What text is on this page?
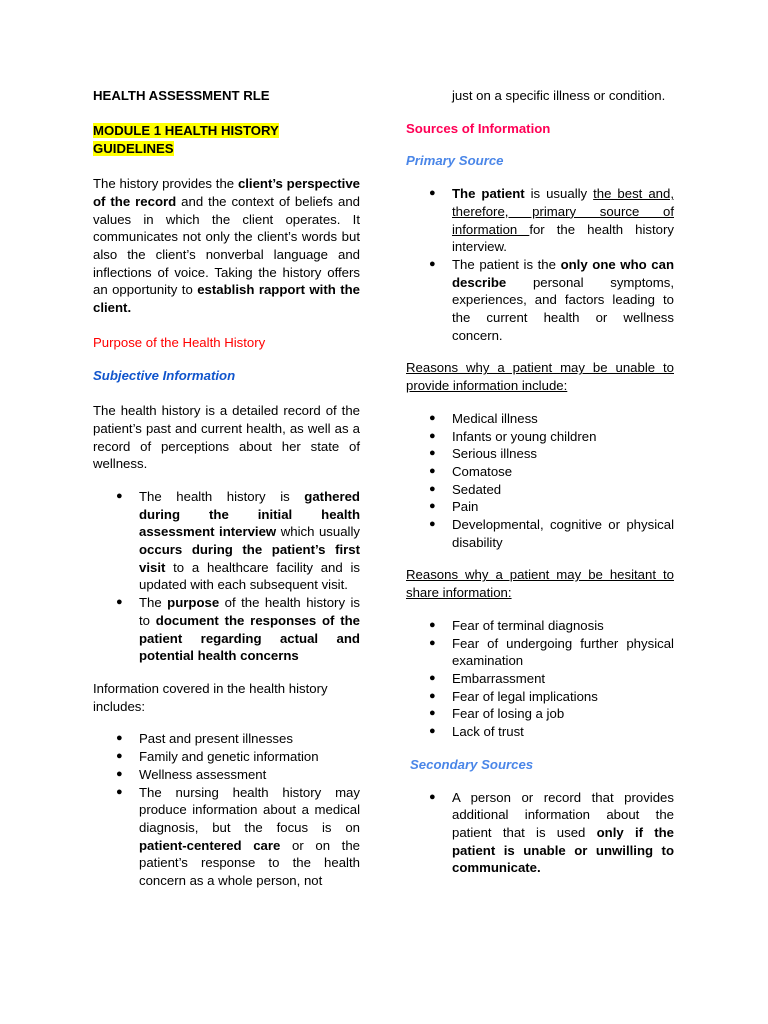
HEALTH ASSESSMENT RLE

MODULE 1 HEALTH HISTORY GUIDELINES

The history provides the client’s perspective of the record and the context of beliefs and values in which the client operates. It communicates not only the client’s words but also the client’s nonverbal language and inflections of voice. Taking the history offers an opportunity to establish rapport with the client.

Purpose of the Health History

Subjective Information

The health history is a detailed record of the patient’s past and current health, as well as a record of perceptions about her state of wellness.

● The health history is gathered during the initial health assessment interview which usually occurs during the patient’s first visit to a healthcare facility and is updated with each subsequent visit.
● The purpose of the health history is to document the responses of the patient regarding actual and potential health concerns

Information covered in the health history includes:

● Past and present illnesses
● Family and genetic information
● Wellness assessment
● The nursing health history may produce information about a medical diagnosis, but the focus is on patient-centered care or on the patient’s response to the health concern as a whole person, not

just on a specific illness or condition.

Sources of Information

Primary Source

● The patient is usually the best and, therefore, primary source of information for the health history interview.
● The patient is the only one who can describe personal symptoms, experiences, and factors leading to the current health or wellness concern.

Reasons why a patient may be unable to provide information include:

● Medical illness
● Infants or young children
● Serious illness
● Comatose
● Sedated
● Pain
● Developmental, cognitive or physical disability

Reasons why a patient may be hesitant to share information:

● Fear of terminal diagnosis
● Fear of undergoing further physical examination
● Embarrassment
● Fear of legal implications
● Fear of losing a job
● Lack of trust

Secondary Sources

● A person or record that provides additional information about the patient that is used only if the patient is unable or unwilling to communicate.
